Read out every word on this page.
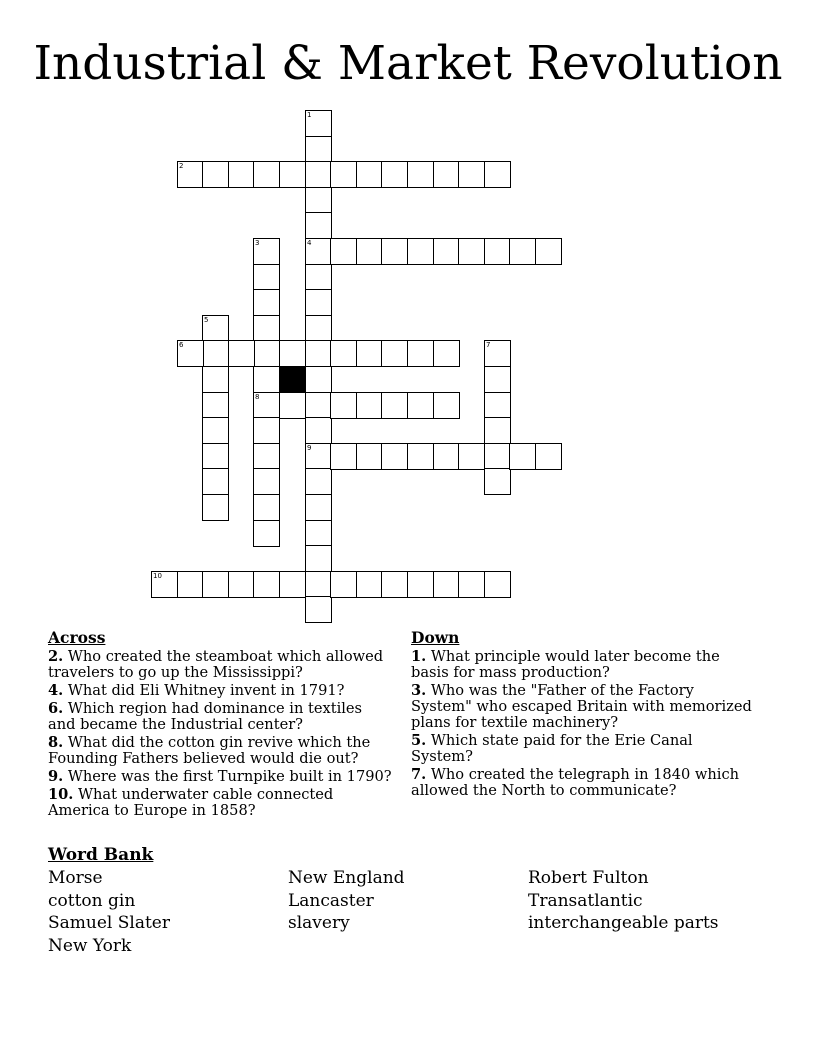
Industrial & Market Revolution
1
4
9
2
3
8
5
6	7
10
Across
2. Who created the steamboat which allowed travelers to go up the Mississippi?
4. What did Eli Whitney invent in 1791?
6. Which region had dominance in textiles and became the Industrial center?
8. What did the cotton gin revive which the Founding Fathers believed would die out?
9. Where was the first Turnpike built in 1790?
10. What underwater cable connected America to Europe in 1858?
Down
1. What principle would later become the basis for mass production?
3. Who was the "Father of the Factory System" who escaped Britain with memorized plans for textile machinery?
5. Which state paid for the Erie Canal System?
7. Who created the telegraph in 1840 which allowed the North to communicate?
Word Bank
Morse	New England	Robert Fulton
cotton gin	Lancaster	Transatlantic
Samuel Slater	slavery	interchangeable parts
New York
